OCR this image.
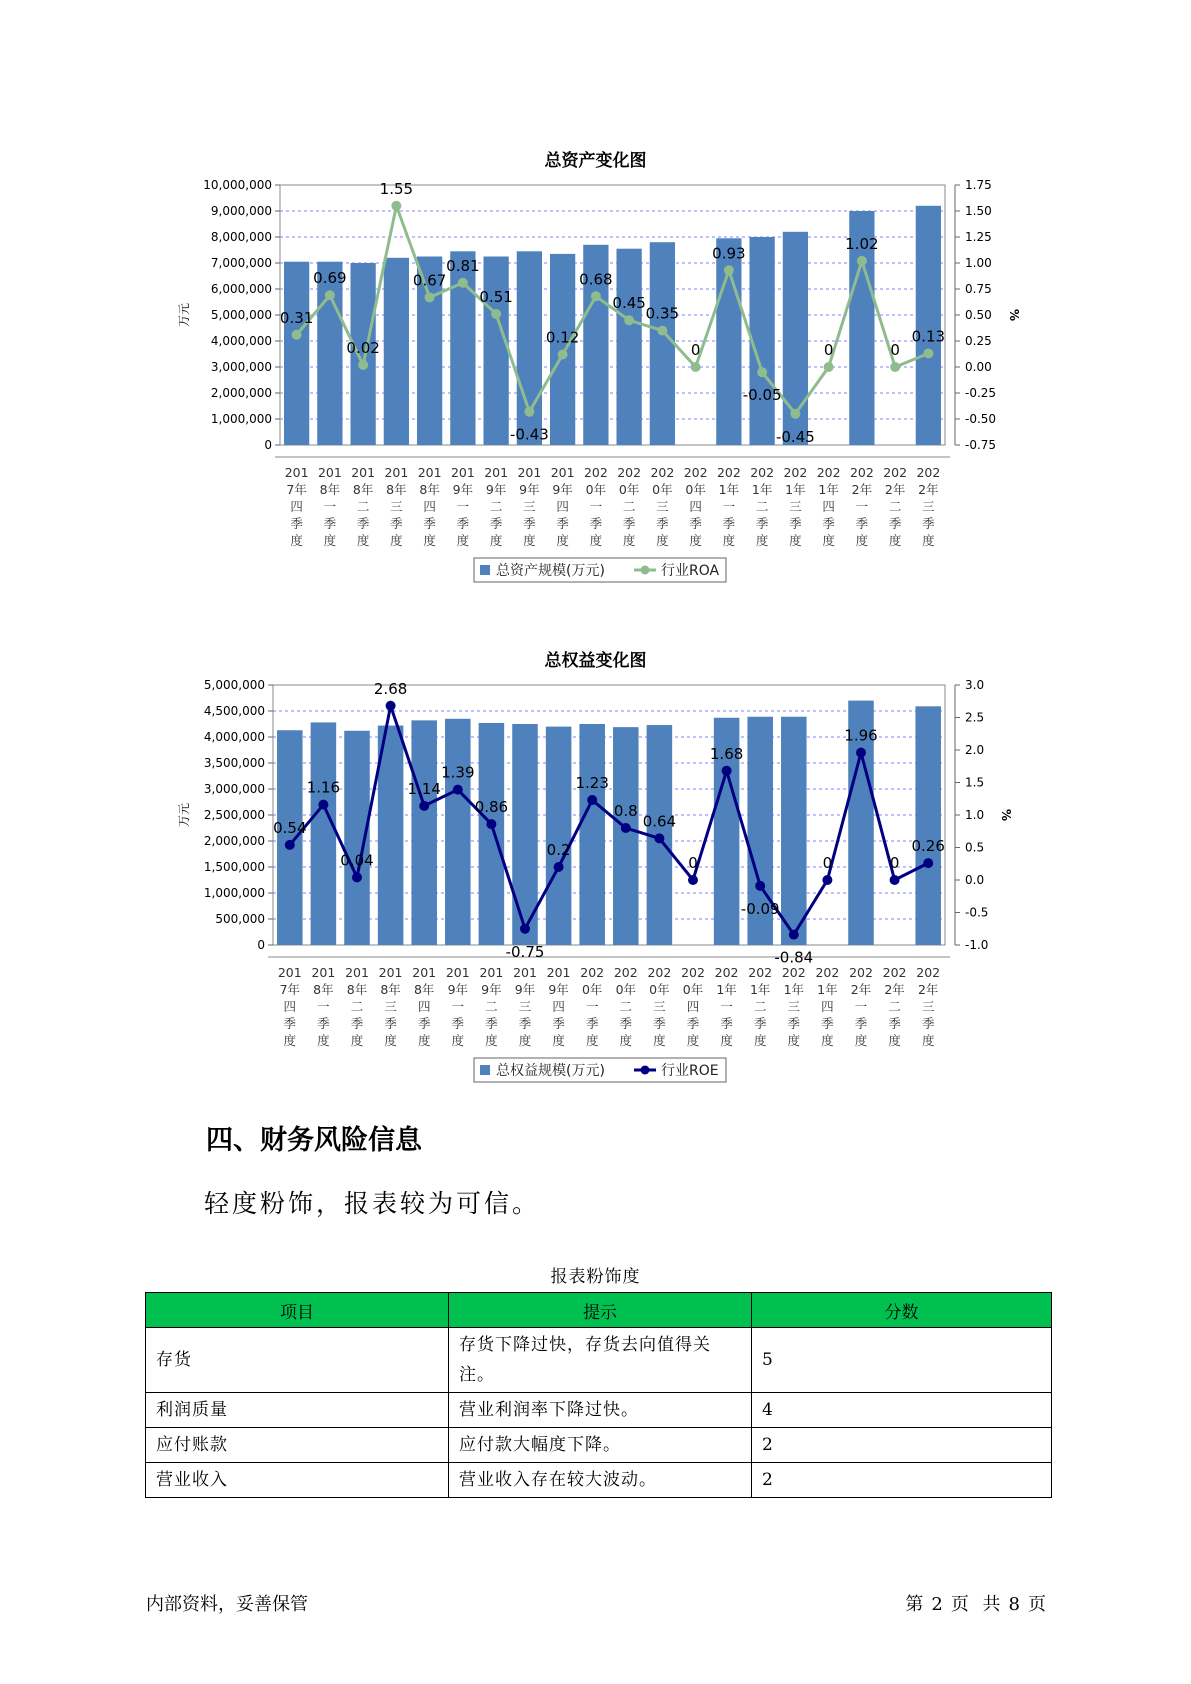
总资产变化图
0
1,000,000
2,000,000
3,000,000
4,000,000
5,000,000
6,000,000
7,000,000
8,000,000
9,000,000
10,000,000
-0.75
-0.50
-0.25
0.00
0.25
0.50
0.75
1.00
1.25
1.50
1.75
万元	%
201 7年四季度
201 8年一季度
201 8年二季度
201 8年三季度
201 8年四季度
201 9年一季度
201 9年二季度
201 9年三季度
201 9年四季度
202 0年一季度
202 0年二季度
202 0年三季度
202 0年四季度
202 1年一季度
202 1年二季度
202 1年三季度
202 1年四季度
202 2年一季度
202 2年二季度
202 2年三季度
0.31
0.69
0.02
1.55
0.67
0.81
0.51
-0.43
0.12
0.68
0.45
0.35
0
0.93
-0.05
-0.45
0
1.02
0
0.13
总资产规模(万元)	行业ROA
总权益变化图
0
500,000
1,000,000
1,500,000
2,000,000
2,500,000
3,000,000
3,500,000
4,000,000
4,500,000
5,000,000
-1.0
-0.5
0.0
0.5
1.0
1.5
2.0
2.5
3.0
万元	%
201 7年四季度
201 8年一季度
201 8年二季度
201 8年三季度
201 8年四季度
201 9年一季度
201 9年二季度
201 9年三季度
201 9年四季度
202 0年一季度
202 0年二季度
202 0年三季度
202 0年四季度
202 1年一季度
202 1年二季度
202 1年三季度
202 1年四季度
202 2年一季度
202 2年二季度
202 2年三季度
0.54
1.16
0.04
2.68
1.14
1.39
0.86
-0.75
0.2
1.23
0.8
0.64
0
1.68
-0.09
-0.84
0
1.96
0
0.26
总权益规模(万元)	行业ROE
四、财务风险信息
轻度粉饰，报表较为可信。
报表粉饰度
项目	提示	分数
存货	存货下降过快，存货去向值得关注。	5
利润质量	营业利润率下降过快。	4
应付账款	应付款大幅度下降。	2
营业收入	营业收入存在较大波动。	2
内部资料，妥善保管	第 2 页 共 8 页
